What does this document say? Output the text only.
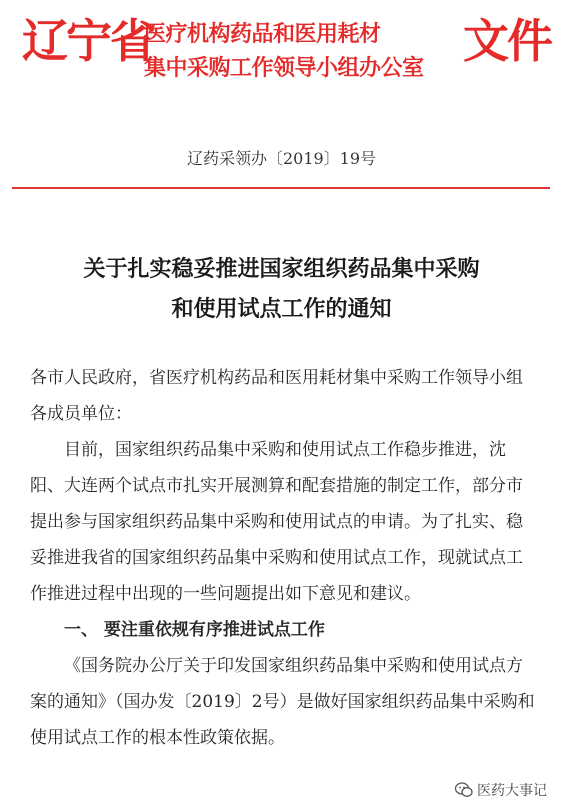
辽宁省
医疗机构药品和医用耗材
集中采购工作领导小组办公室
文件
辽药采领办〔2019〕19号
关于扎实稳妥推进国家组织药品集中采购
和使用试点工作的通知

各市人民政府，省医疗机构药品和医用耗材集中采购工作领导小组各成员单位：

目前，国家组织药品集中采购和使用试点工作稳步推进，沈阳、大连两个试点市扎实开展测算和配套措施的制定工作，部分市提出参与国家组织药品集中采购和使用试点的申请。为了扎实、稳妥推进我省的国家组织药品集中采购和使用试点工作，现就试点工作推进过程中出现的一些问题提出如下意见和建议。

一、 要注重依规有序推进试点工作

《国务院办公厅关于印发国家组织药品集中采购和使用试点方案的通知》（国办发〔2019〕2号）是做好国家组织药品集中采购和使用试点工作的根本性政策依据。

医药大事记
